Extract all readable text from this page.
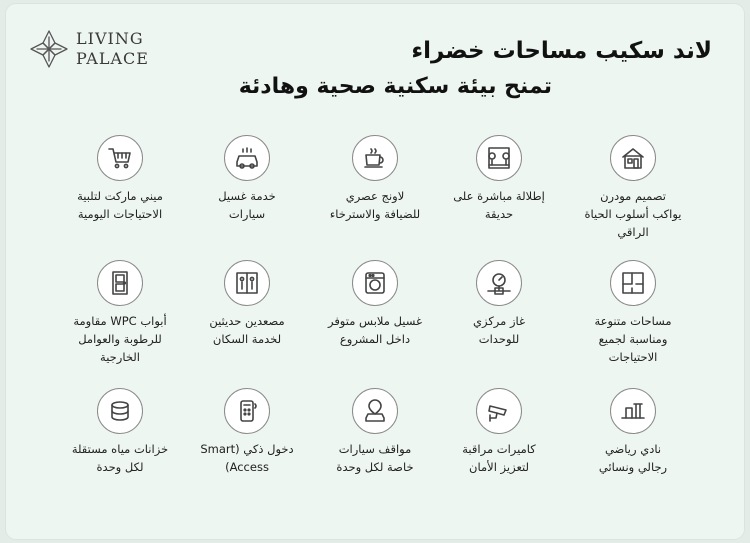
LIVING
PALACE	لاند سكيب مساحات خضراء
تمنح بيئة سكنية صحية وهادئة
تصميم مودرن
يواكب أسلوب الحياة
الراقي
إطلالة مباشرة على
حديقة
لاونج عصري
للضيافة والاسترخاء
خدمة غسيل
سيارات
ميني ماركت لتلبية
الاحتياجات اليومية
مساحات متنوعة
ومناسبة لجميع
الاحتياجات
غاز مركزي
للوحدات
غسيل ملابس متوفر
داخل المشروع
مصعدين حديثين
لخدمة السكان
أبواب WPC مقاومة
للرطوبة والعوامل
الخارجية
نادي رياضي
رجالي ونسائي
كاميرات مراقبة
لتعزيز الأمان
مواقف سيارات
خاصة لكل وحدة
دخول ذكي (Smart
Access)
خزانات مياه مستقلة
لكل وحدة
